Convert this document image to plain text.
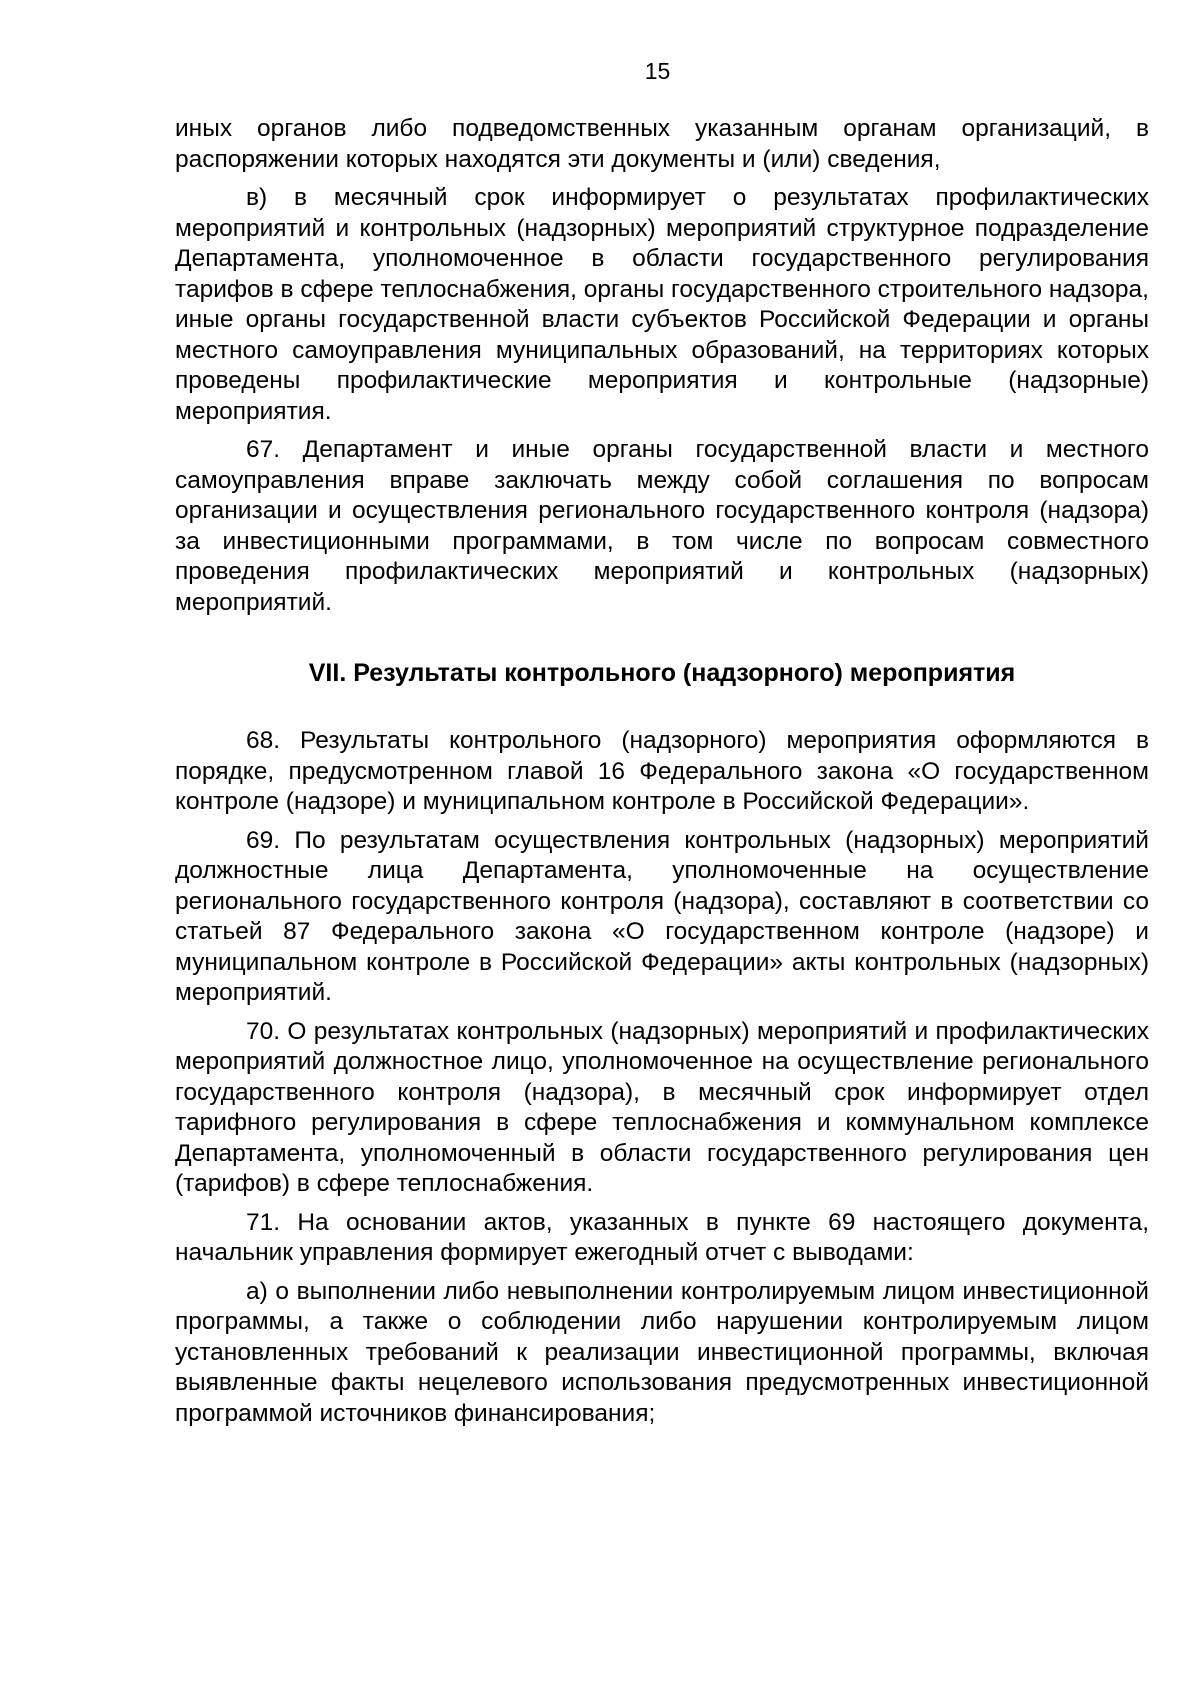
15

иных органов либо подведомственных указанным органам организаций, в распоряжении которых находятся эти документы и (или) сведения,

в) в месячный срок информирует о результатах профилактических мероприятий и контрольных (надзорных) мероприятий структурное подразделение Департамента, уполномоченное в области государственного регулирования тарифов в сфере теплоснабжения, органы государственного строительного надзора, иные органы государственной власти субъектов Российской Федерации и органы местного самоуправления муниципальных образований, на территориях которых проведены профилактические мероприятия и контрольные (надзорные) мероприятия.

67. Департамент и иные органы государственной власти и местного самоуправления вправе заключать между собой соглашения по вопросам организации и осуществления регионального государственного контроля (надзора) за инвестиционными программами, в том числе по вопросам совместного проведения профилактических мероприятий и контрольных (надзорных) мероприятий.

VII. Результаты контрольного (надзорного) мероприятия

68. Результаты контрольного (надзорного) мероприятия оформляются в порядке, предусмотренном главой 16 Федерального закона «О государственном контроле (надзоре) и муниципальном контроле в Российской Федерации».

69. По результатам осуществления контрольных (надзорных) мероприятий должностные лица Департамента, уполномоченные на осуществление регионального государственного контроля (надзора), составляют в соответствии со статьей 87 Федерального закона «О государственном контроле (надзоре) и муниципальном контроле в Российской Федерации» акты контрольных (надзорных) мероприятий.

70. О результатах контрольных (надзорных) мероприятий и профилактических мероприятий должностное лицо, уполномоченное на осуществление регионального государственного контроля (надзора), в месячный срок информирует отдел тарифного регулирования в сфере теплоснабжения и коммунальном комплексе Департамента, уполномоченный в области государственного регулирования цен (тарифов) в сфере теплоснабжения.

71. На основании актов, указанных в пункте 69 настоящего документа, начальник управления формирует ежегодный отчет с выводами:

а) о выполнении либо невыполнении контролируемым лицом инвестиционной программы, а также о соблюдении либо нарушении контролируемым лицом установленных требований к реализации инвестиционной программы, включая выявленные факты нецелевого использования предусмотренных инвестиционной программой источников финансирования;
